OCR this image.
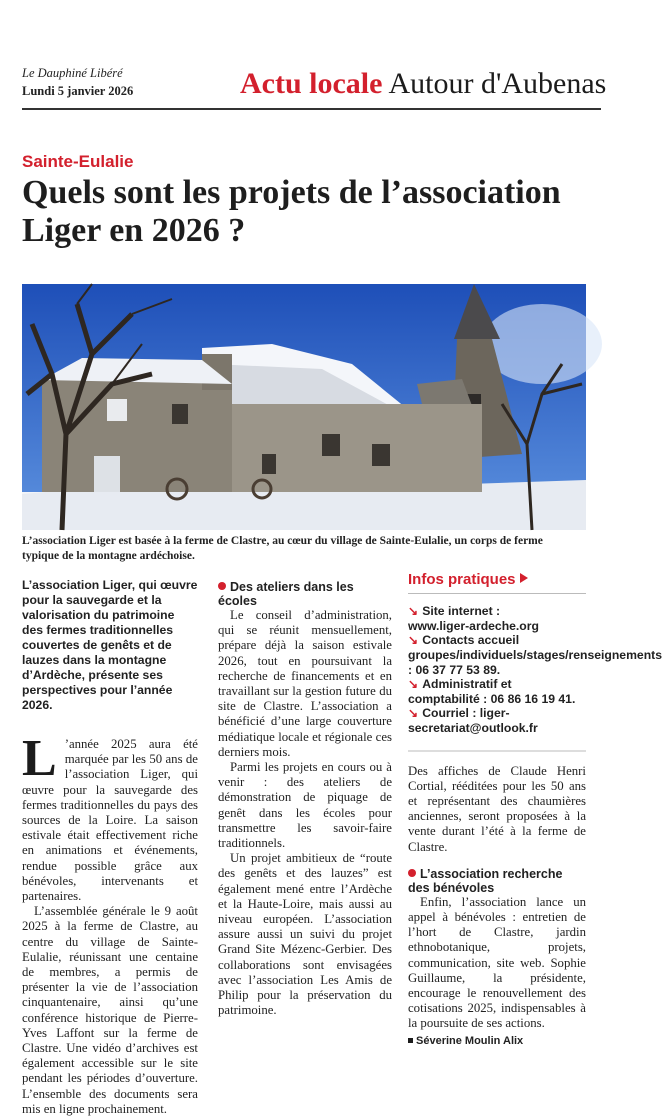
Le Dauphiné Libéré
Lundi 5 janvier 2026	Actu locale Autour d'Aubenas
Sainte-Eulalie
Quels sont les projets de l’association Liger en 2026 ?
L’association Liger est basée à la ferme de Clastre, au cœur du village de Sainte-Eulalie, un corps de ferme typique de la montagne ardéchoise.

L’association Liger, qui œuvre pour la sauvegarde et la valorisation du patrimoine des fermes traditionnelles couvertes de genêts et de lauzes dans la montagne d’Ardèche, présente ses perspectives pour l’année 2026.

L ’année 2025 aura été marquée par les 50 ans de l’association Liger, qui œuvre pour la sauvegarde des fermes traditionnelles du pays des sources de la Loire. La saison estivale était effectivement riche en animations et événements, rendue possible grâce aux bénévoles, intervenants et partenaires.

L’assemblée générale le 9 août 2025 à la ferme de Clastre, au centre du village de Sainte-Eulalie, réunissant une centaine de membres, a permis de présenter la vie de l’association cinquantenaire, ainsi qu’une conférence historique de Pierre-Yves Laffont sur la ferme de Clastre. Une vidéo d’archives est également accessible sur le site pendant les périodes d’ouverture. L’ensemble des documents sera mis en ligne prochainement.

Des ateliers dans les écoles

Le conseil d’administration, qui se réunit mensuellement, prépare déjà la saison estivale 2026, tout en poursuivant la recherche de financements et en travaillant sur la gestion future du site de Clastre. L’association a bénéficié d’une large couverture médiatique locale et régionale ces derniers mois.

Parmi les projets en cours ou à venir : des ateliers de démonstration de piquage de genêt dans les écoles pour transmettre les savoir-faire traditionnels.

Un projet ambitieux de “route des genêts et des lauzes” est également mené entre l’Ardèche et la Haute-Loire, mais aussi au niveau européen. L’association assure aussi un suivi du projet Grand Site Mézenc-Gerbier. Des collaborations sont envisagées avec l’association Les Amis de Philip pour la préservation du patrimoine.

Infos pratiques

↘ Site internet :
www.liger-ardeche.org
↘ Contacts accueil groupes/individuels/stages/renseignements : 06 37 77 53 89.
↘ Administratif et comptabilité : 06 86 16 19 41.
↘ Courriel : liger-secretariat@outlook.fr

Des affiches de Claude Henri Cortial, rééditées pour les 50 ans et représentant des chaumières anciennes, seront proposées à la vente durant l’été à la ferme de Clastre.

L’association recherche des bénévoles

Enfin, l’association lance un appel à bénévoles : entretien de l’hort de Clastre, jardin ethnobotanique, projets, communication, site web. Sophie Guillaume, la présidente, encourage le renouvellement des cotisations 2025, indispensables à la poursuite de ses actions.

Séverine Moulin Alix
